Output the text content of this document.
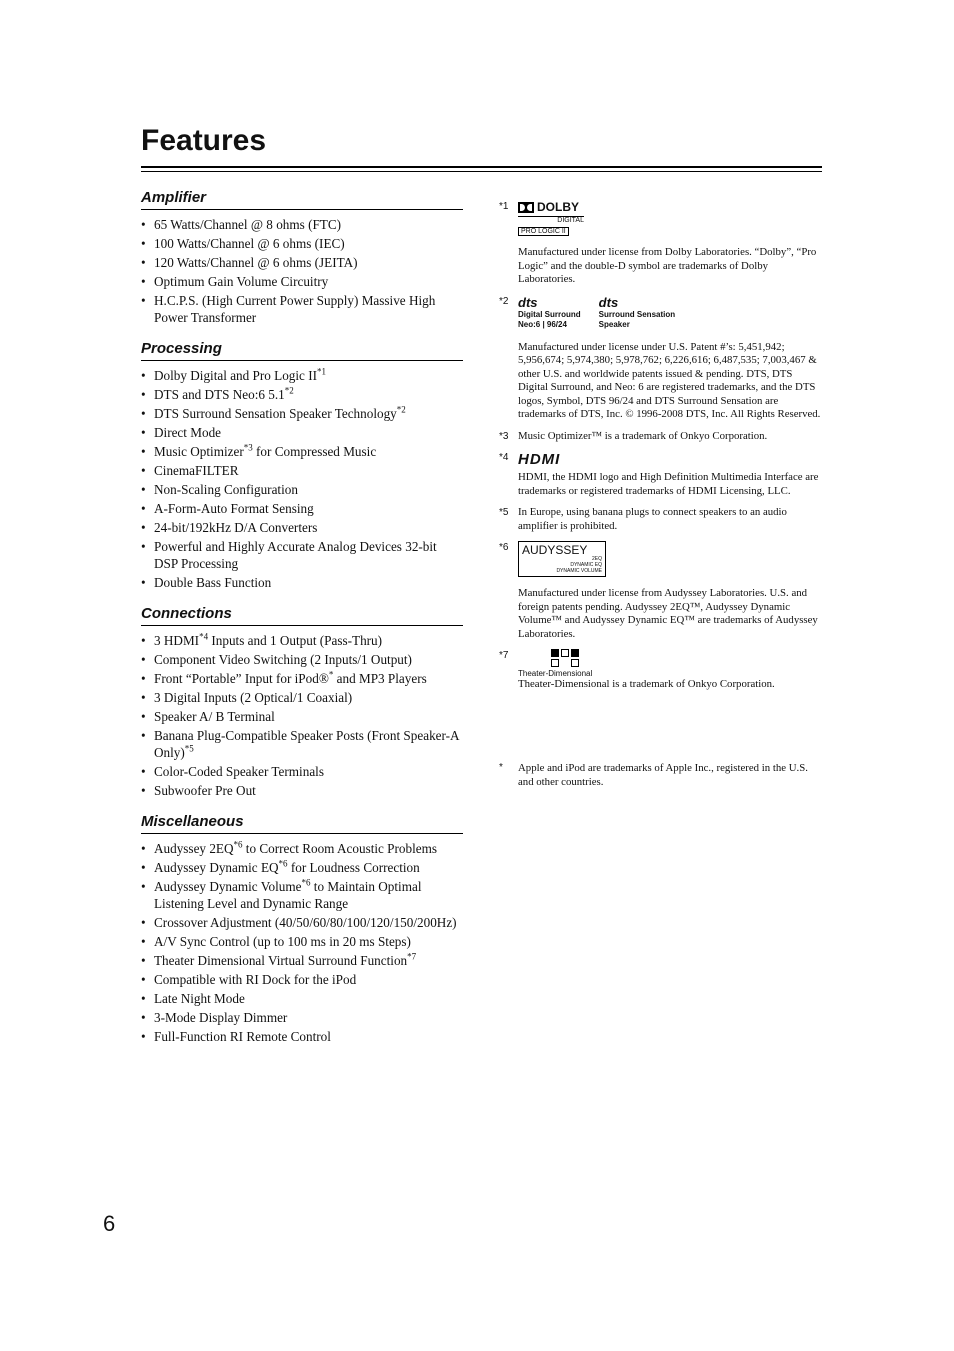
Features
Amplifier
• 65 Watts/Channel @ 8 ohms (FTC)
• 100 Watts/Channel @ 6 ohms (IEC)
• 120 Watts/Channel @ 6 ohms (JEITA)
• Optimum Gain Volume Circuitry
• H.C.P.S. (High Current Power Supply) Massive High Power Transformer
Processing
• Dolby Digital and Pro Logic II$^{*1}$
• DTS and DTS Neo:6 5.1$^{*2}$
• DTS Surround Sensation Speaker Technology$^{*2}$
• Direct Mode
• Music Optimizer$^{*3}$ for Compressed Music
• CinemaFILTER
• Non-Scaling Configuration
• A-Form-Auto Format Sensing
• 24-bit/192kHz D/A Converters
• Powerful and Highly Accurate Analog Devices 32-bit DSP Processing
• Double Bass Function
Connections
• 3 HDMI$^{*4}$ Inputs and 1 Output (Pass-Thru)
• Component Video Switching (2 Inputs/1 Output)
• Front “Portable” Input for iPod®* and MP3 Players
• 3 Digital Inputs (2 Optical/1 Coaxial)
• Speaker A/ B Terminal
• Banana Plug-Compatible Speaker Posts (Front Speaker-A Only)$^{*5}$
• Color-Coded Speaker Terminals
• Subwoofer Pre Out
Miscellaneous
• Audyssey 2EQ$^{*6}$ to Correct Room Acoustic Problems
• Audyssey Dynamic EQ$^{*6}$ for Loudness Correction
• Audyssey Dynamic Volume$^{*6}$ to Maintain Optimal Listening Level and Dynamic Range
• Crossover Adjustment (40/50/60/80/100/120/150/200Hz)
• A/V Sync Control (up to 100 ms in 20 ms Steps)
• Theater Dimensional Virtual Surround Function$^{*7}$
• Compatible with RI Dock for the iPod
• Late Night Mode
• 3-Mode Display Dimmer
• Full-Function RI Remote Control
*1 DOLBY
DIGITAL
PRO LOGIC II

Manufactured under license from Dolby Laboratories. “Dolby”, “Pro Logic” and the double-D symbol are trademarks of Dolby Laboratories.

*2 dts
Digital Surround
Neo:6 | 96/24
dts
Surround Sensation
Speaker

Manufactured under license under U.S. Patent #’s: 5,451,942; 5,956,674; 5,974,380; 5,978,762; 6,226,616; 6,487,535; 7,003,467 & other U.S. and worldwide patents issued & pending. DTS, DTS Digital Surround, and Neo: 6 are registered trademarks, and the DTS logos, Symbol, DTS 96/24 and DTS Surround Sensation are trademarks of DTS, Inc. © 1996-2008 DTS, Inc. All Rights Reserved.

*3 Music Optimizer™ is a trademark of Onkyo Corporation.

*4 HDMI

HDMI, the HDMI logo and High Definition Multimedia Interface are trademarks or registered trademarks of HDMI Licensing, LLC.

*5 In Europe, using banana plugs to connect speakers to an audio amplifier is prohibited.

*6 AUDYSSEY
2EQ
DYNAMIC EQ
DYNAMIC VOLUME

Manufactured under license from Audyssey Laboratories. U.S. and foreign patents pending. Audyssey 2EQ™, Audyssey Dynamic Volume™ and Audyssey Dynamic EQ™ are trademarks of Audyssey Laboratories.

*7
Theater-Dimensional

Theater-Dimensional is a trademark of Onkyo Corporation.

* Apple and iPod are trademarks of Apple Inc., registered in the U.S. and other countries.
6
